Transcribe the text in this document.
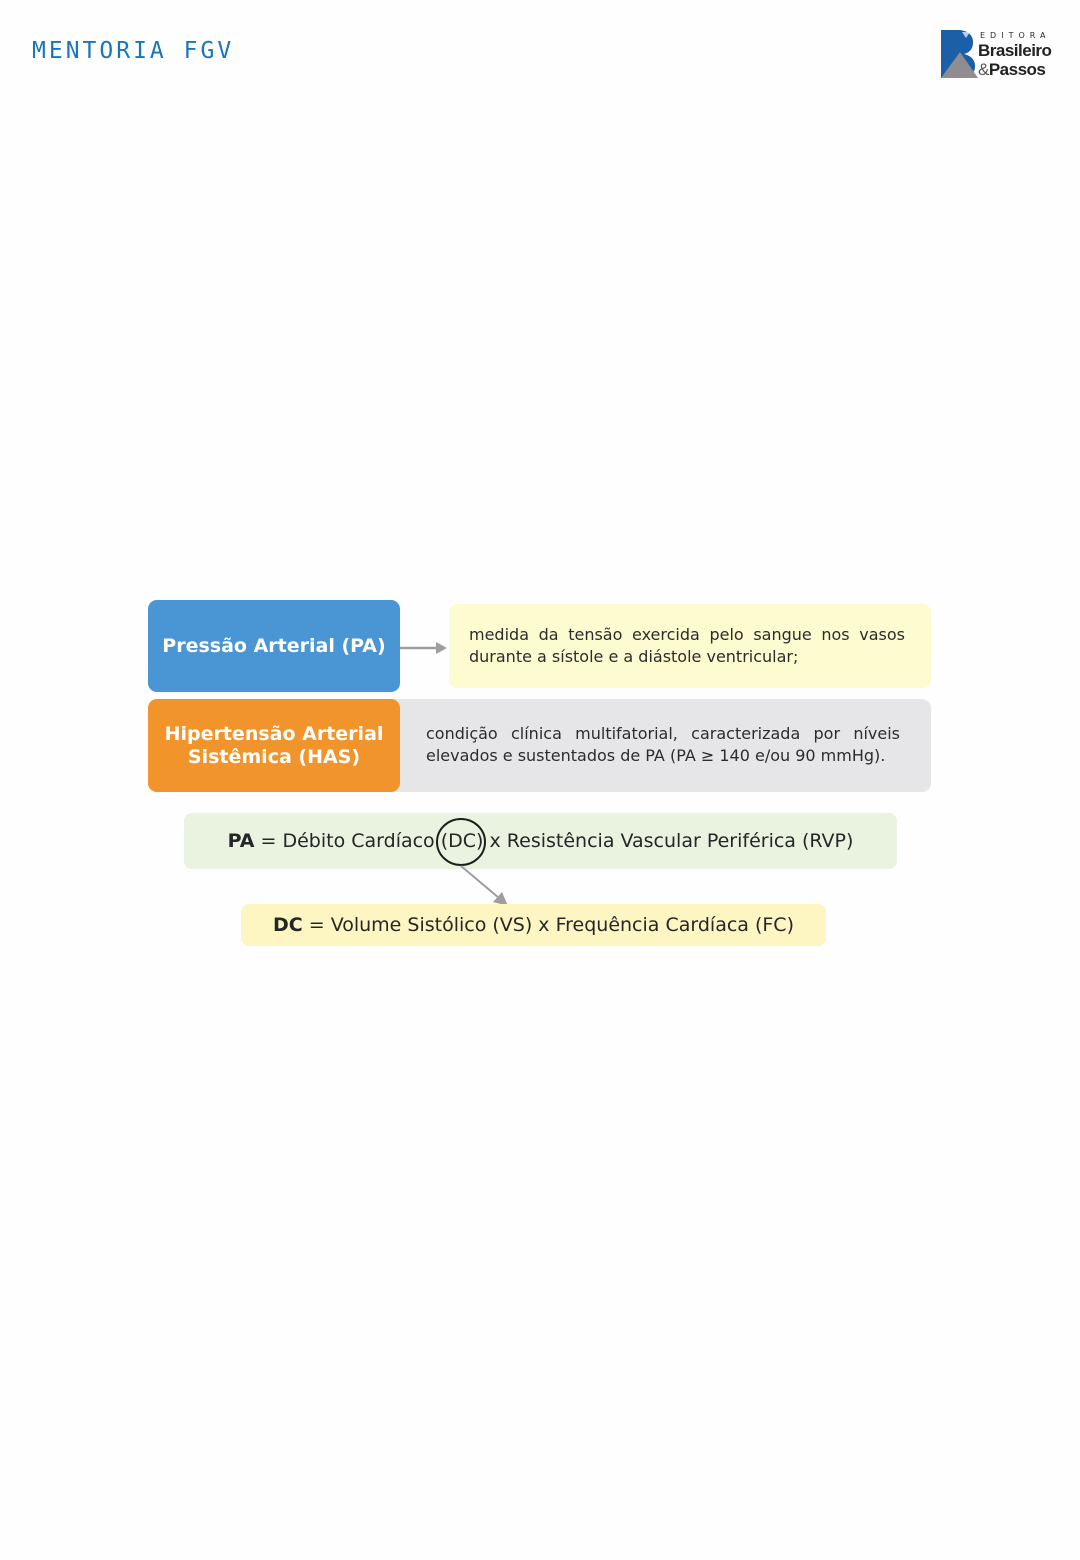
MENTORIA FGV
EDITORA
Brasileiro
&Passos
Pressão Arterial (PA)
medida da tensão exercida pelo sangue nos vasos durante a sístole e a diástole ventricular;
Hipertensão Arterial
Sistêmica (HAS)
condição clínica multifatorial, caracterizada por níveis elevados e sustentados de PA (PA ≥ 140 e/ou 90 mmHg).
PA = Débito Cardíaco (DC) x Resistência Vascular Periférica (RVP)
DC = Volume Sistólico (VS) x Frequência Cardíaca (FC)
